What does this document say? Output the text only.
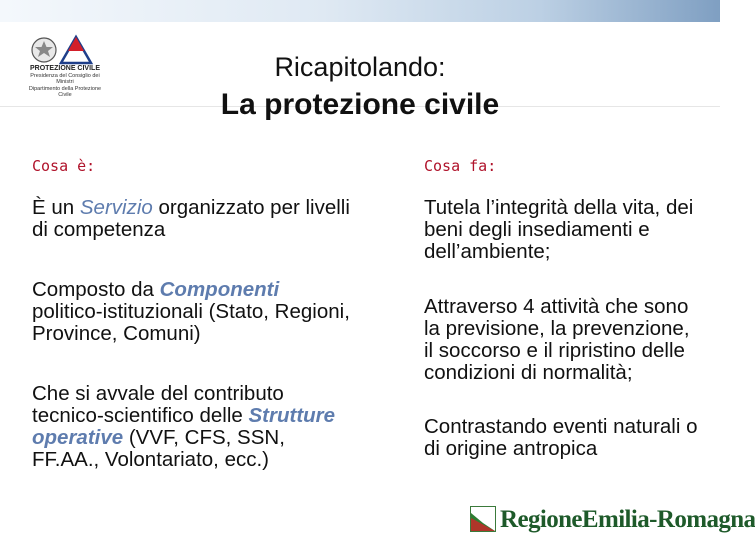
PROTEZIONE CIVILE
Presidenza del Consiglio dei Ministri
Dipartimento della Protezione Civile
Ricapitolando:
La protezione civile
Cosa è:

È un Servizio organizzato per livelli di competenza

Composto da Componenti politico-istituzionali (Stato, Regioni, Province, Comuni)

Che si avvale del contributo tecnico-scientifico delle Strutture operative (VVF, CFS, SSN, FF.AA., Volontariato, ecc.)

Cosa fa:

Tutela l’integrità della vita, dei beni degli insediamenti e dell’ambiente;

Attraverso 4 attività che sono la previsione, la prevenzione, il soccorso e il ripristino delle condizioni di normalità;

Contrastando eventi naturali o di origine antropica

RegioneEmilia-Romagna
